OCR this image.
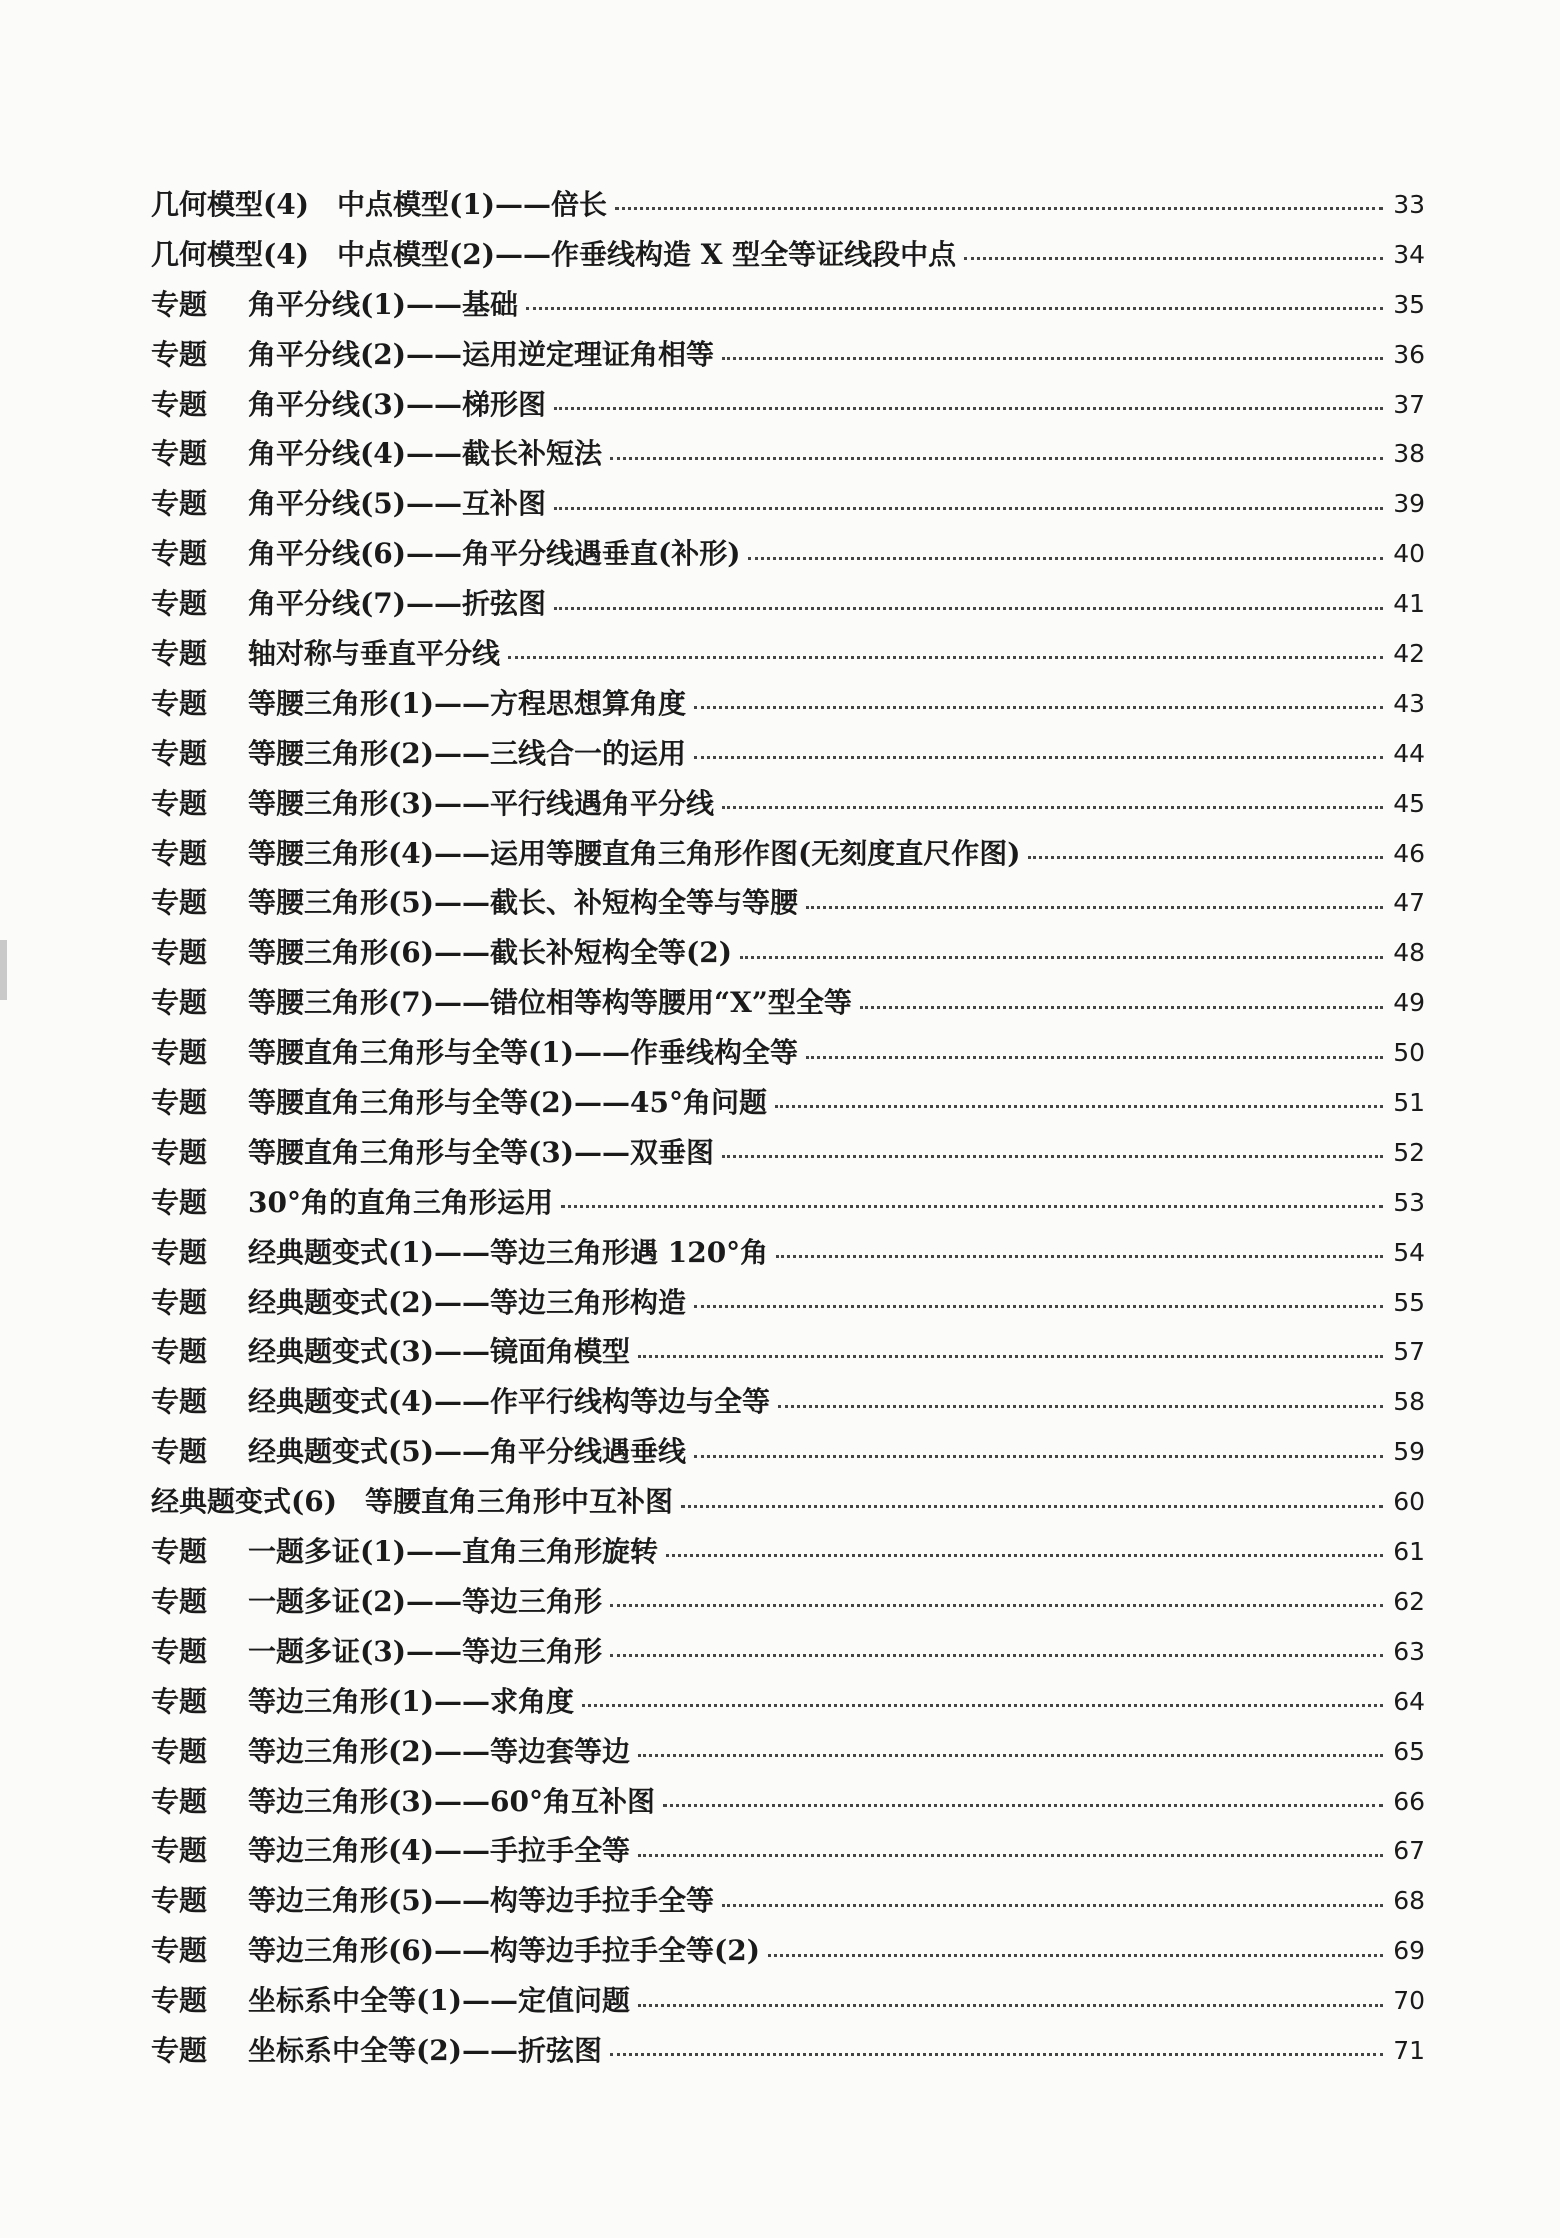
几何模型(4)　中点模型(1)——倍长	33
几何模型(4)　中点模型(2)——作垂线构造 X 型全等证线段中点	34
专题 角平分线(1)——基础	35
专题 角平分线(2)——运用逆定理证角相等	36
专题 角平分线(3)——梯形图	37
专题 角平分线(4)——截长补短法	38
专题 角平分线(5)——互补图	39
专题 角平分线(6)——角平分线遇垂直(补形)	40
专题 角平分线(7)——折弦图	41
专题 轴对称与垂直平分线	42
专题 等腰三角形(1)——方程思想算角度	43
专题 等腰三角形(2)——三线合一的运用	44
专题 等腰三角形(3)——平行线遇角平分线	45
专题 等腰三角形(4)——运用等腰直角三角形作图(无刻度直尺作图)	46
专题 等腰三角形(5)——截长、补短构全等与等腰	47
专题 等腰三角形(6)——截长补短构全等(2)	48
专题 等腰三角形(7)——错位相等构等腰用“X”型全等	49
专题 等腰直角三角形与全等(1)——作垂线构全等	50
专题 等腰直角三角形与全等(2)——45°角问题	51
专题 等腰直角三角形与全等(3)——双垂图	52
专题 30°角的直角三角形运用	53
专题 经典题变式(1)——等边三角形遇 120°角	54
专题 经典题变式(2)——等边三角形构造	55
专题 经典题变式(3)——镜面角模型	57
专题 经典题变式(4)——作平行线构等边与全等	58
专题 经典题变式(5)——角平分线遇垂线	59
经典题变式(6)　等腰直角三角形中互补图	60
专题 一题多证(1)——直角三角形旋转	61
专题 一题多证(2)——等边三角形	62
专题 一题多证(3)——等边三角形	63
专题 等边三角形(1)——求角度	64
专题 等边三角形(2)——等边套等边	65
专题 等边三角形(3)——60°角互补图	66
专题 等边三角形(4)——手拉手全等	67
专题 等边三角形(5)——构等边手拉手全等	68
专题 等边三角形(6)——构等边手拉手全等(2)	69
专题 坐标系中全等(1)——定值问题	70
专题 坐标系中全等(2)——折弦图	71
